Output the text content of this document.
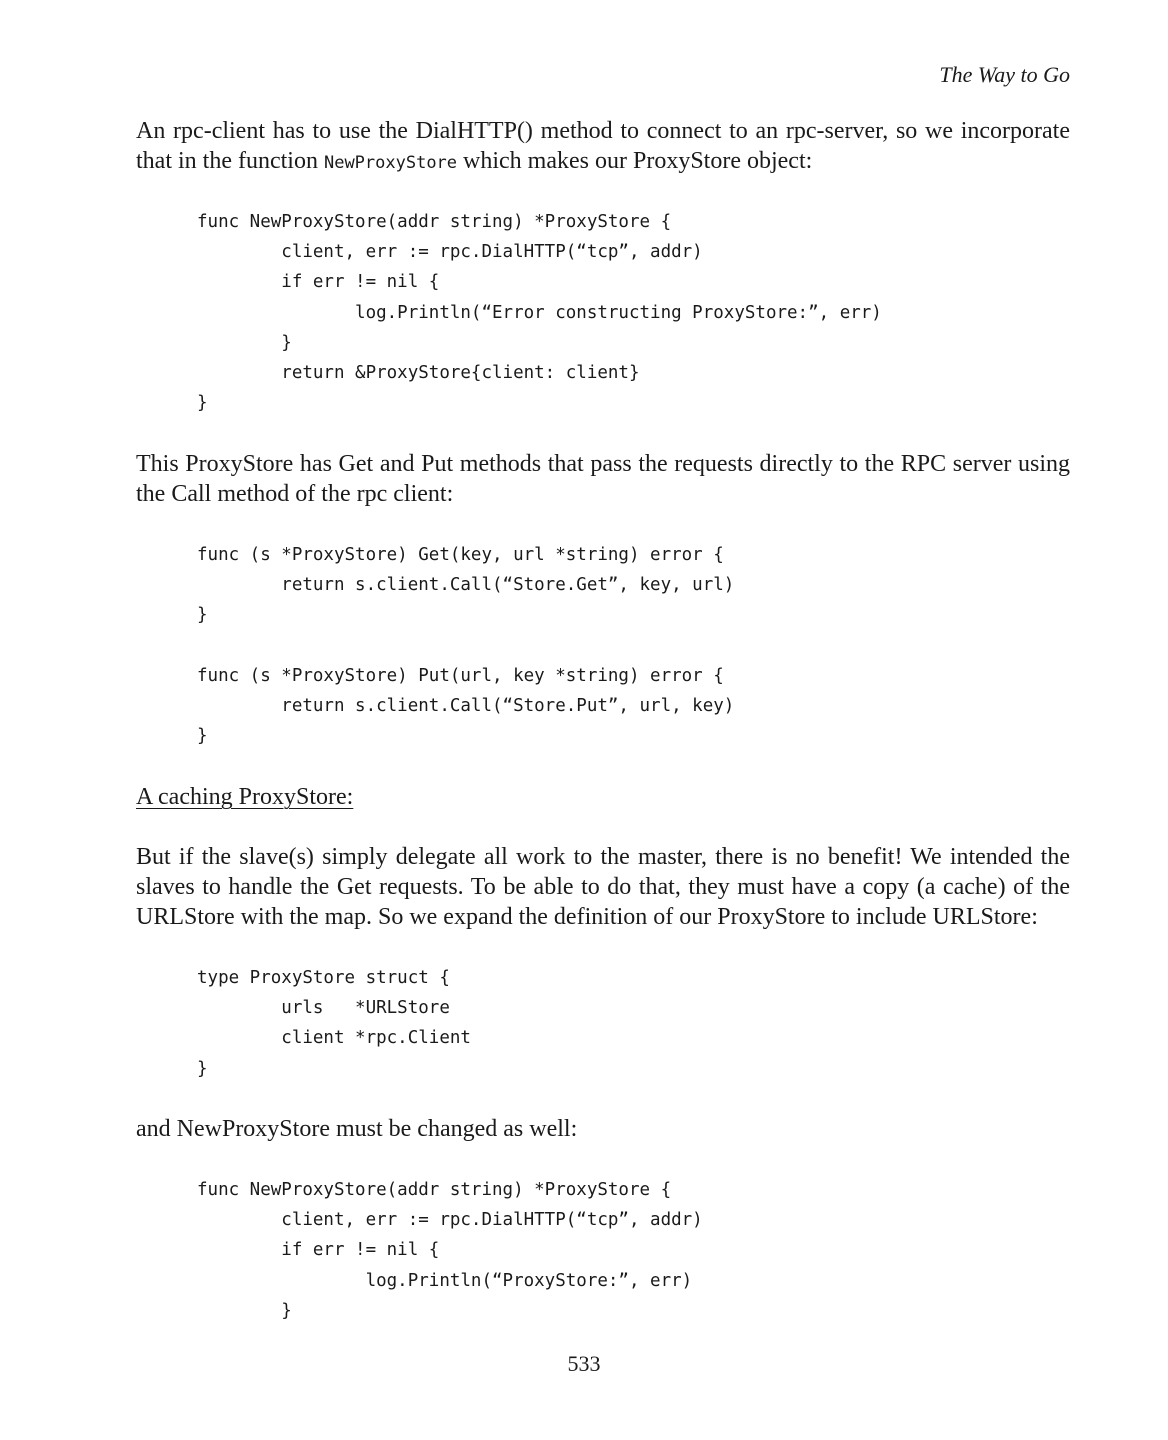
The Way to Go

An rpc-client has to use the DialHTTP() method to connect to an rpc-server, so we incorporate that in the function NewProxyStore which makes our ProxyStore object:

func NewProxyStore(addr string) *ProxyStore {
client, err := rpc.DialHTTP(“tcp”, addr)
if err != nil {
log.Println(“Error constructing ProxyStore:”, err)
}
return &ProxyStore{client: client}
}

This ProxyStore has Get and Put methods that pass the requests directly to the RPC server using the Call method of the rpc client:

func (s *ProxyStore) Get(key, url *string) error {
return s.client.Call(“Store.Get”, key, url)
}
func (s *ProxyStore) Put(url, key *string) error {
return s.client.Call(“Store.Put”, url, key)
}
A caching ProxyStore:

But if the slave(s) simply delegate all work to the master, there is no benefit! We intended the slaves to handle the Get requests. To be able to do that, they must have a copy (a cache) of the URLStore with the map. So we expand the definition of our ProxyStore to include URLStore:

type ProxyStore struct {
urls   *URLStore
client *rpc.Client
}

and NewProxyStore must be changed as well:

func NewProxyStore(addr string) *ProxyStore {
client, err := rpc.DialHTTP(“tcp”, addr)
if err != nil {
log.Println(“ProxyStore:”, err)
}
533
